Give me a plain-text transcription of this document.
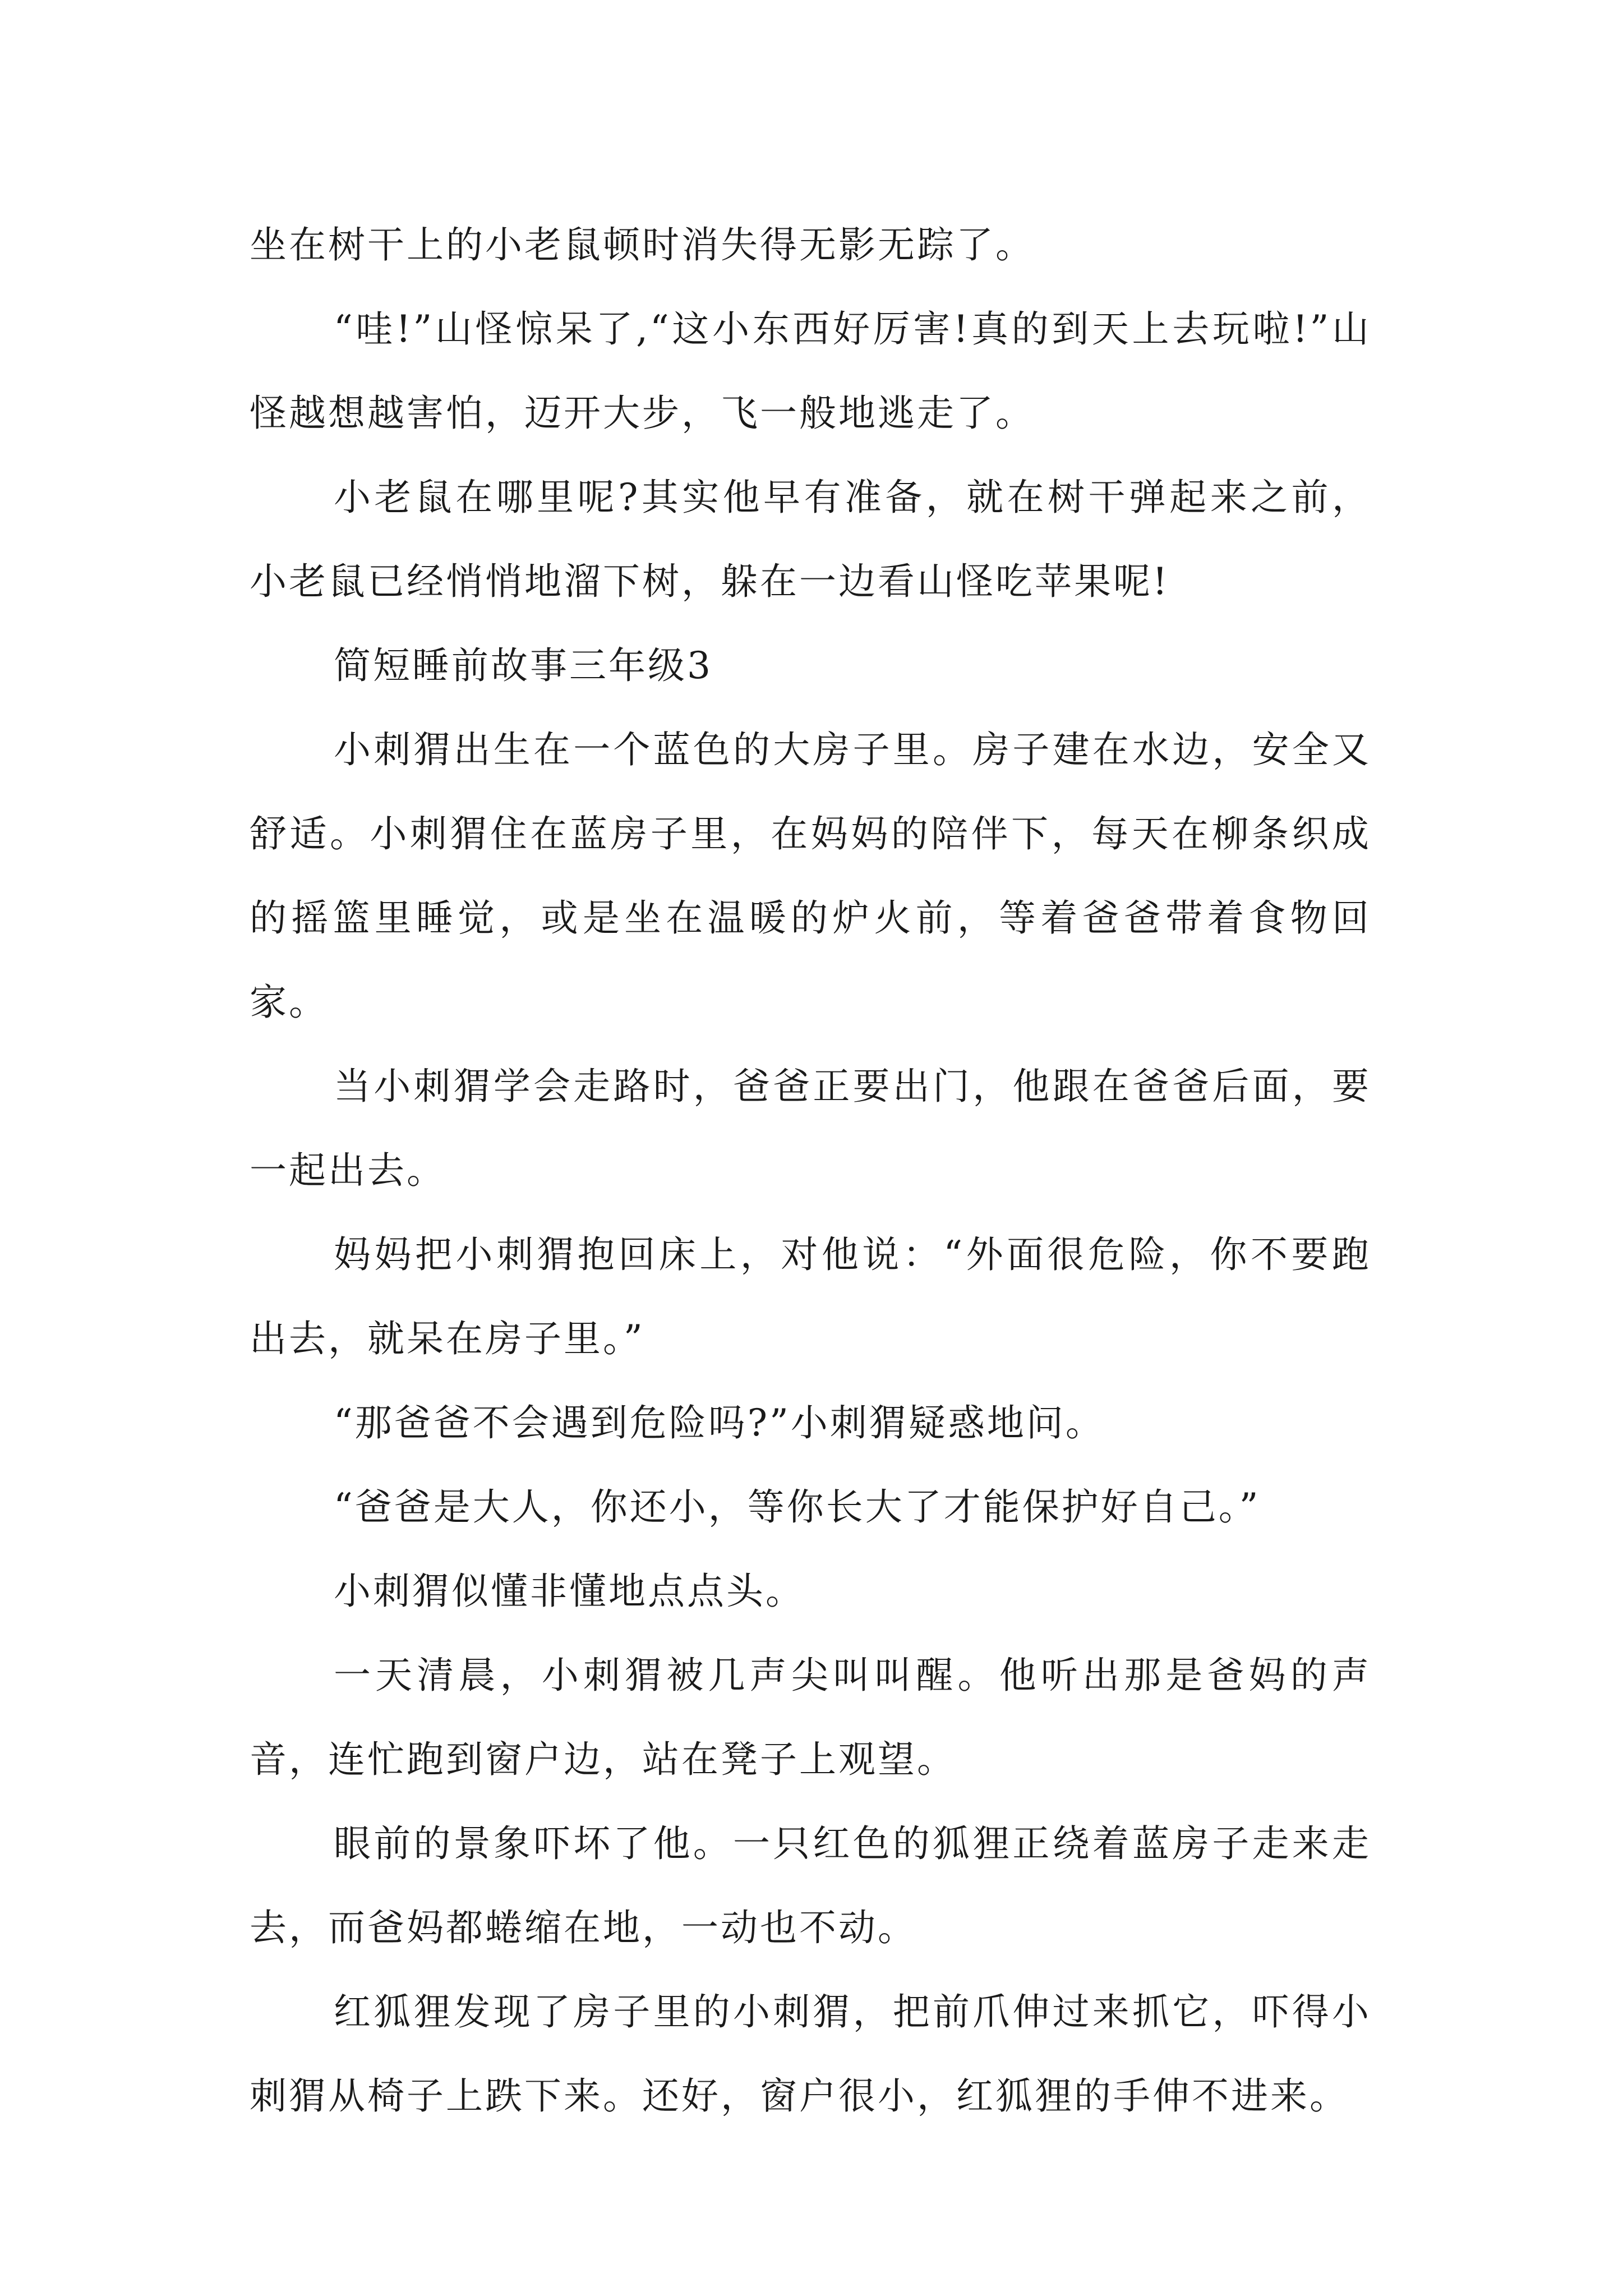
坐在树干上的小老鼠顿时消失得无影无踪了。

“哇!”山怪惊呆了,“这小东西好厉害!真的到天上去玩啦!”山怪越想越害怕，迈开大步，飞一般地逃走了。

小老鼠在哪里呢?其实他早有准备，就在树干弹起来之前，小老鼠已经悄悄地溜下树，躲在一边看山怪吃苹果呢!

简短睡前故事三年级3

小刺猬出生在一个蓝色的大房子里。房子建在水边，安全又舒适。小刺猬住在蓝房子里，在妈妈的陪伴下，每天在柳条织成的摇篮里睡觉，或是坐在温暖的炉火前，等着爸爸带着食物回家。

当小刺猬学会走路时，爸爸正要出门，他跟在爸爸后面，要一起出去。

妈妈把小刺猬抱回床上，对他说：“外面很危险，你不要跑出去，就呆在房子里。”

“那爸爸不会遇到危险吗?”小刺猬疑惑地问。

“爸爸是大人，你还小，等你长大了才能保护好自己。”

小刺猬似懂非懂地点点头。

一天清晨，小刺猬被几声尖叫叫醒。他听出那是爸妈的声音，连忙跑到窗户边，站在凳子上观望。

眼前的景象吓坏了他。一只红色的狐狸正绕着蓝房子走来走去，而爸妈都蜷缩在地，一动也不动。

红狐狸发现了房子里的小刺猬，把前爪伸过来抓它，吓得小刺猬从椅子上跌下来。还好，窗户很小，红狐狸的手伸不进来。
